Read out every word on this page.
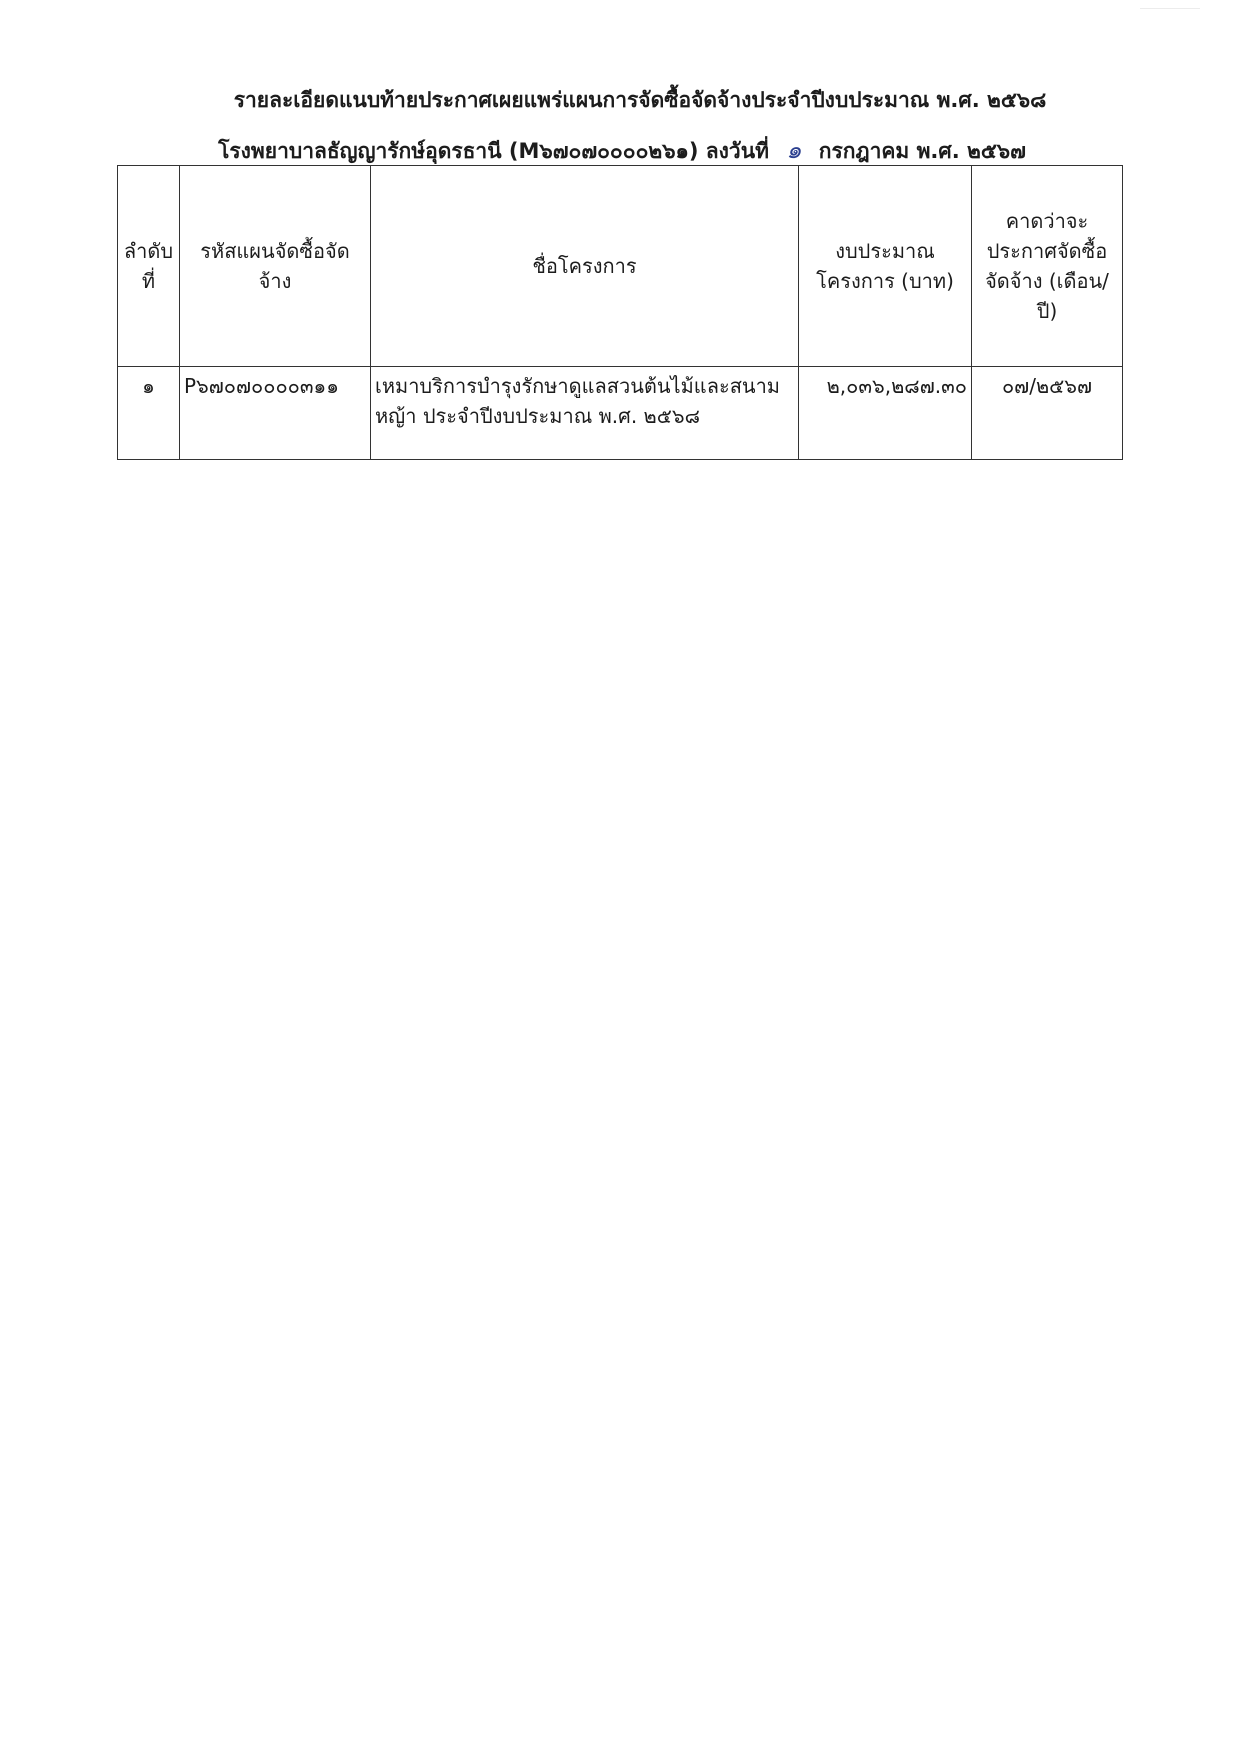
รายละเอียดแนบท้ายประกาศเผยแพร่แผนการจัดซื้อจัดจ้างประจำปีงบประมาณ พ.ศ. ๒๕๖๘
โรงพยาบาลธัญญารักษ์อุดรธานี (M๖๗๐๗๐๐๐๐๒๖๑) ลงวันที่ ๑ กรกฎาคม พ.ศ. ๒๕๖๗
ลำดับที่	รหัสแผนจัดซื้อจัดจ้าง	ชื่อโครงการ	งบประมาณโครงการ (บาท)	คาดว่าจะประกาศจัดซื้อจัดจ้าง (เดือน/ปี)
๑	P๖๗๐๗๐๐๐๐๓๑๑	เหมาบริการบำรุงรักษาดูแลสวนต้นไม้และสนามหญ้า ประจำปีงบประมาณ พ.ศ. ๒๕๖๘	๒,๐๓๖,๒๘๗.๓๐	๐๗/๒๕๖๗
